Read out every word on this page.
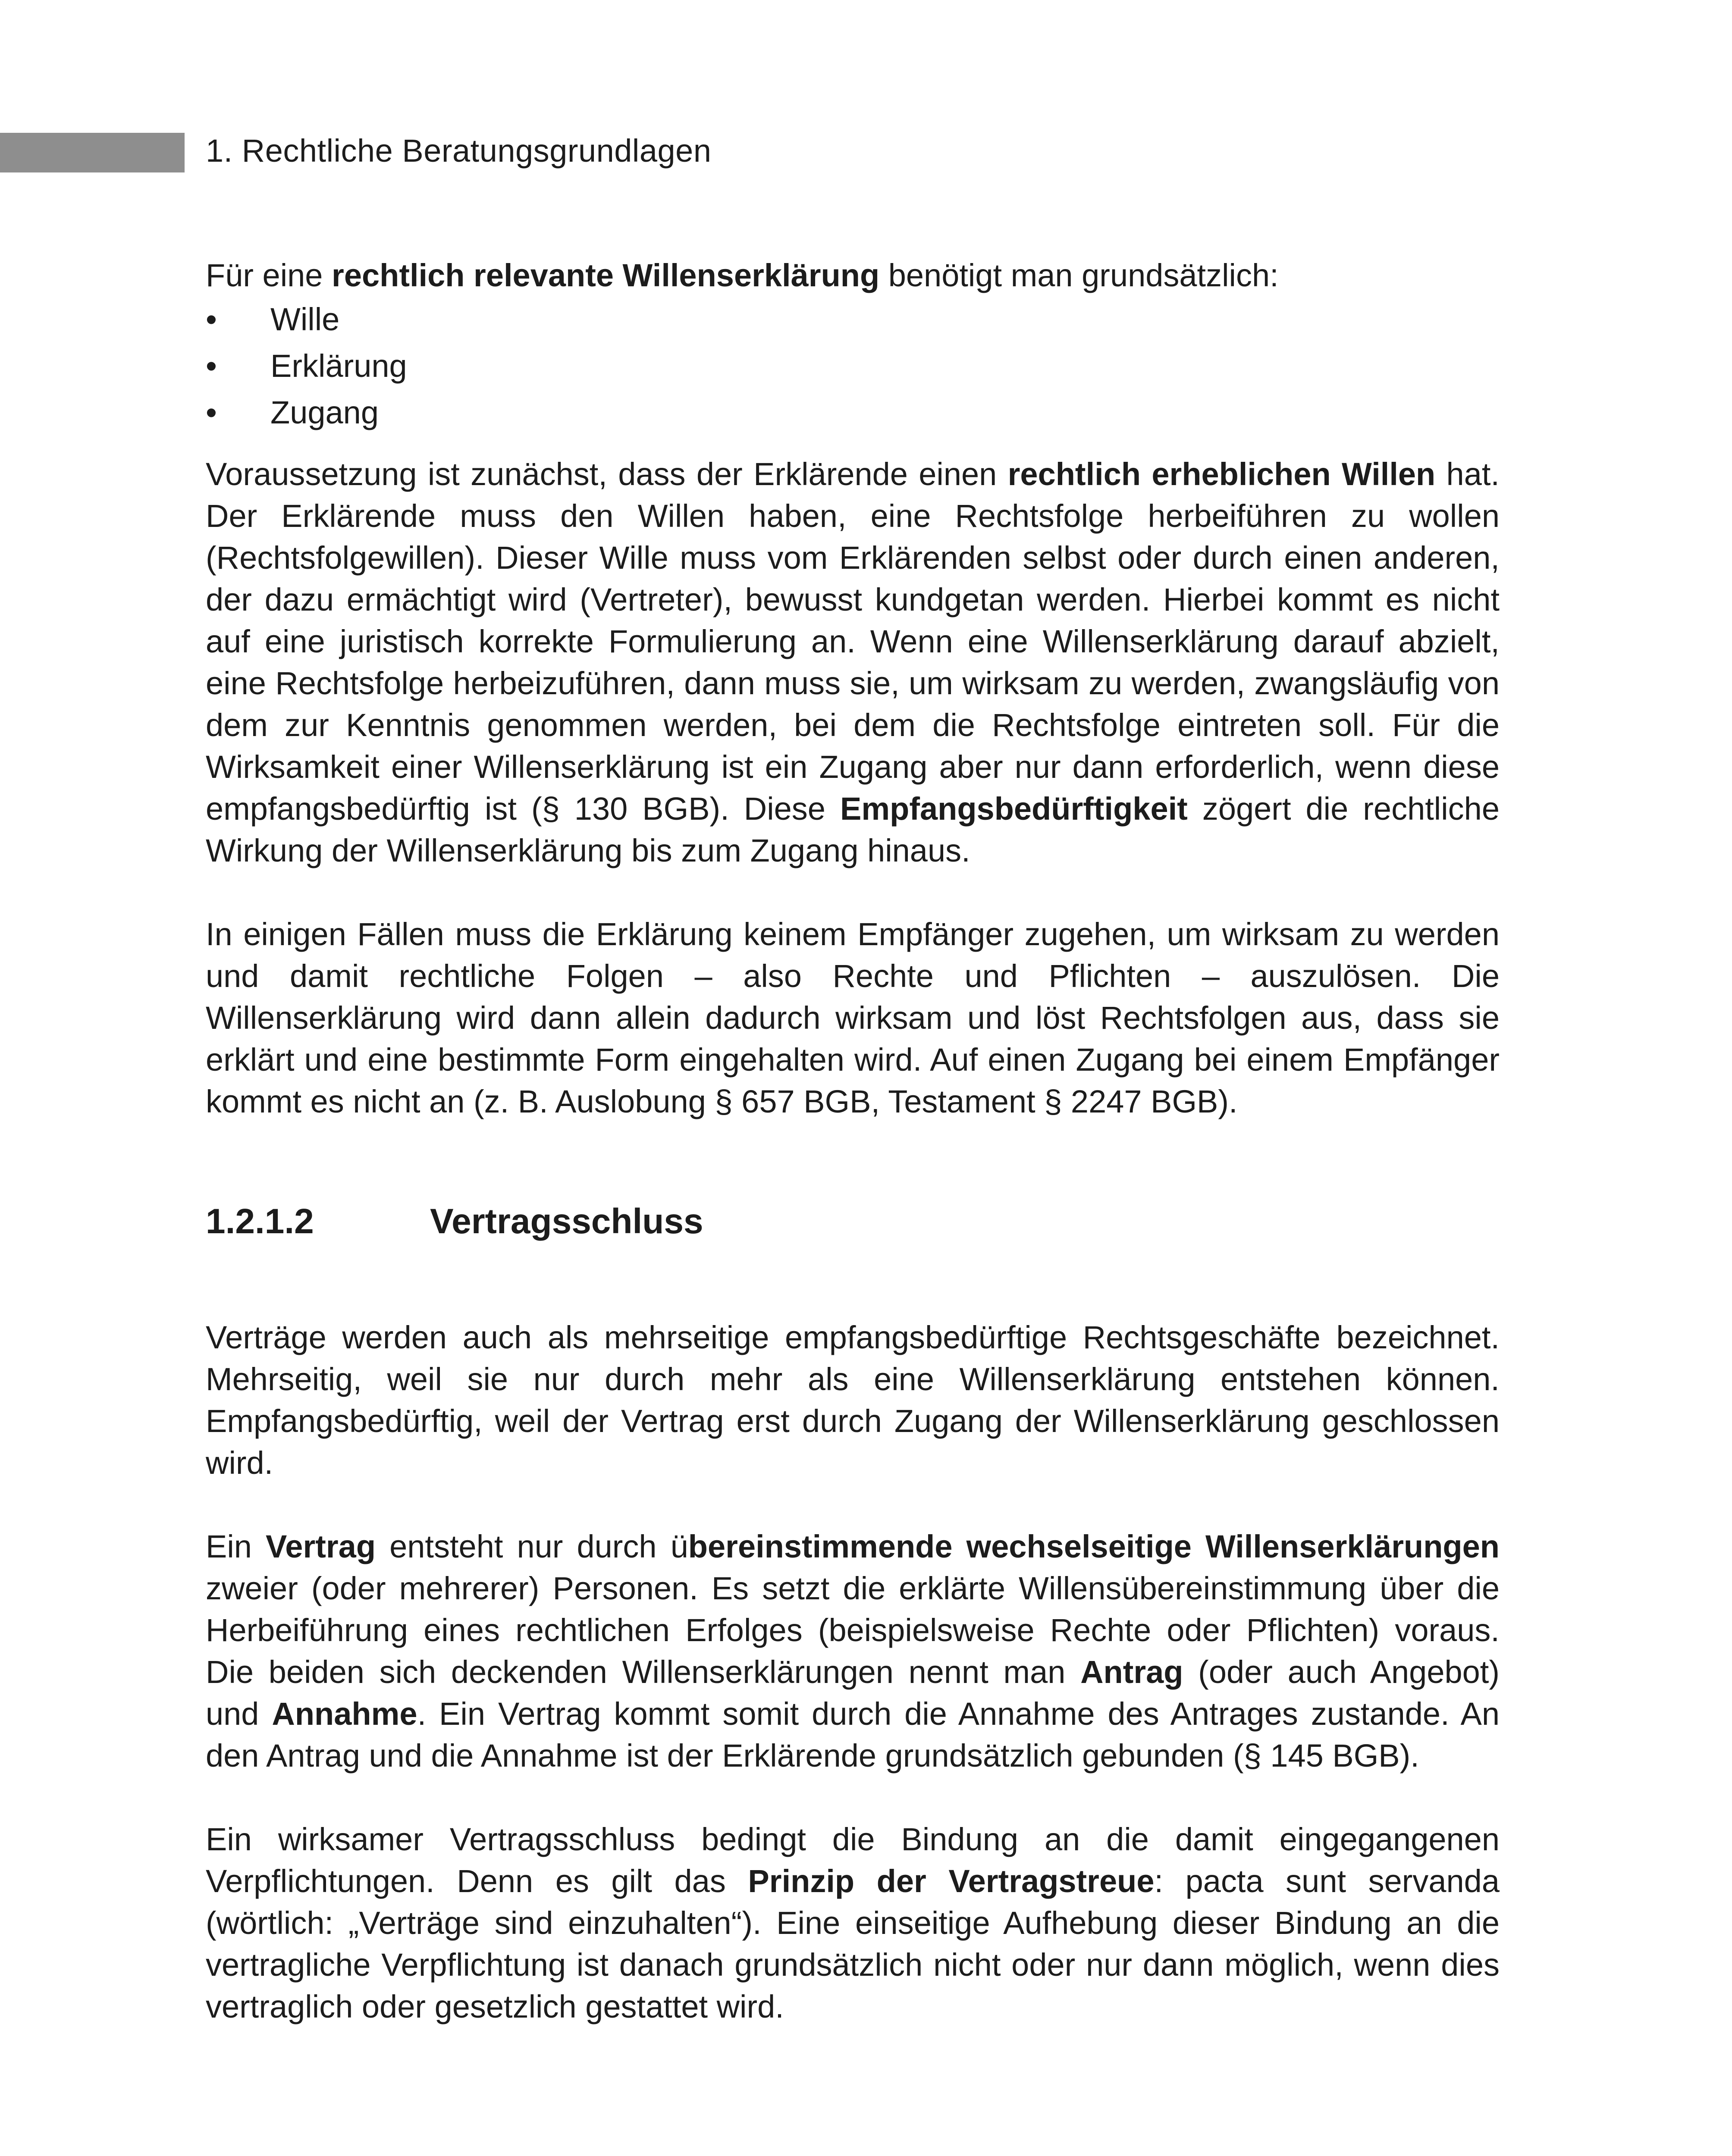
1. Rechtliche Beratungsgrundlagen

Für eine rechtlich relevante Willenserklärung benötigt man grundsätzlich:

• Wille
• Erklärung
• Zugang

Voraussetzung ist zunächst, dass der Erklärende einen rechtlich erheblichen Willen hat. Der Erklärende muss den Willen haben, eine Rechtsfolge herbeiführen zu wollen (Rechtsfolgewillen). Dieser Wille muss vom Erklärenden selbst oder durch einen anderen, der dazu ermächtigt wird (Vertreter), bewusst kundgetan werden. Hierbei kommt es nicht auf eine juristisch korrekte Formulierung an. Wenn eine Willenserklärung darauf abzielt, eine Rechtsfolge herbeizuführen, dann muss sie, um wirksam zu werden, zwangsläufig von dem zur Kenntnis genommen werden, bei dem die Rechtsfolge eintreten soll. Für die Wirksamkeit einer Willenserklärung ist ein Zugang aber nur dann erforderlich, wenn diese empfangsbedürftig ist (§ 130 BGB). Diese Empfangsbedürftigkeit zögert die rechtliche Wirkung der Willenserklärung bis zum Zugang hinaus.

In einigen Fällen muss die Erklärung keinem Empfänger zugehen, um wirksam zu werden und damit rechtliche Folgen – also Rechte und Pflichten – auszulösen. Die Willenserklärung wird dann allein dadurch wirksam und löst Rechtsfolgen aus, dass sie erklärt und eine bestimmte Form eingehalten wird. Auf einen Zugang bei einem Empfänger kommt es nicht an (z. B. Auslobung § 657 BGB, Testament § 2247 BGB).

1.2.1.2	Vertragsschluss

Verträge werden auch als mehrseitige empfangsbedürftige Rechtsgeschäfte bezeichnet. Mehrseitig, weil sie nur durch mehr als eine Willenserklärung entstehen können. Empfangsbedürftig, weil der Vertrag erst durch Zugang der Willenserklärung geschlossen wird.

Ein Vertrag entsteht nur durch übereinstimmende wechselseitige Willenserklärungen zweier (oder mehrerer) Personen. Es setzt die erklärte Willensübereinstimmung über die Herbeiführung eines rechtlichen Erfolges (beispielsweise Rechte oder Pflichten) voraus. Die beiden sich deckenden Willenserklärungen nennt man Antrag (oder auch Angebot) und Annahme. Ein Vertrag kommt somit durch die Annahme des Antrages zustande. An den Antrag und die Annahme ist der Erklärende grundsätzlich gebunden (§ 145 BGB).

Ein wirksamer Vertragsschluss bedingt die Bindung an die damit eingegangenen Verpflichtungen. Denn es gilt das Prinzip der Vertragstreue: pacta sunt servanda (wörtlich: „Verträge sind einzuhalten“). Eine einseitige Aufhebung dieser Bindung an die vertragliche Verpflichtung ist danach grundsätzlich nicht oder nur dann möglich, wenn dies vertraglich oder gesetzlich gestattet wird.
